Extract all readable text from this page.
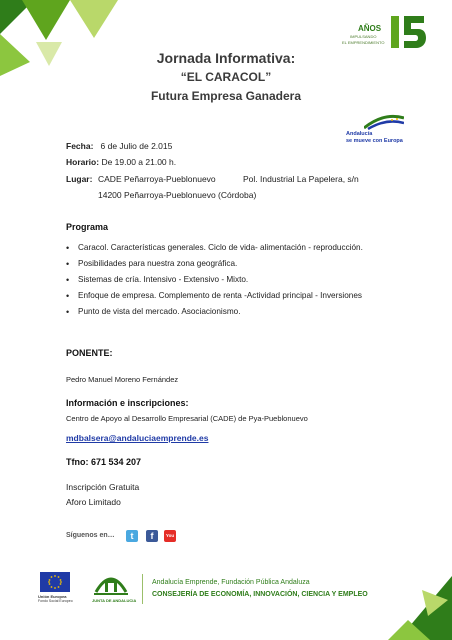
AÑOS
IMPULSANDO
EL EMPRENDIMIENTO
Jornada Informativa:
“EL CARACOL”
Futura Empresa Ganadera
Andalucía
se mueve con Europa
Fecha: 6 de Julio de 2.015
Horario: De 19.00 a 21.00 h.
Lugar: CADE Peñarroya-Pueblonuevo	Pol. Industrial La Papelera, s/n
14200 Peñarroya-Pueblonuevo (Córdoba)
Programa
• Caracol. Características generales. Ciclo de vida- alimentación - reproducción.
• Posibilidades para nuestra zona geográfica.
• Sistemas de cría. Intensivo - Extensivo - Mixto.
• Enfoque de empresa. Complemento de renta -Actividad principal - Inversiones
• Punto de vista del mercado. Asociacionismo.
PONENTE:
Pedro Manuel Moreno Fernández
Información e inscripciones:
Centro de Apoyo al Desarrollo Empresarial (CADE) de Pya-Pueblonuevo
mdbalsera@andaluciaemprende.es
Tfno: 671 534 207
Inscripción Gratuita
Aforo Limitado
Síguenos en…	t	f	You
Unión Europea
Fondo Social Europeo	JUNTA DE ANDALUCIA
Andalucía Emprende, Fundación Pública Andaluza
CONSEJERÍA DE ECONOMÍA, INNOVACIÓN, CIENCIA Y EMPLEO
